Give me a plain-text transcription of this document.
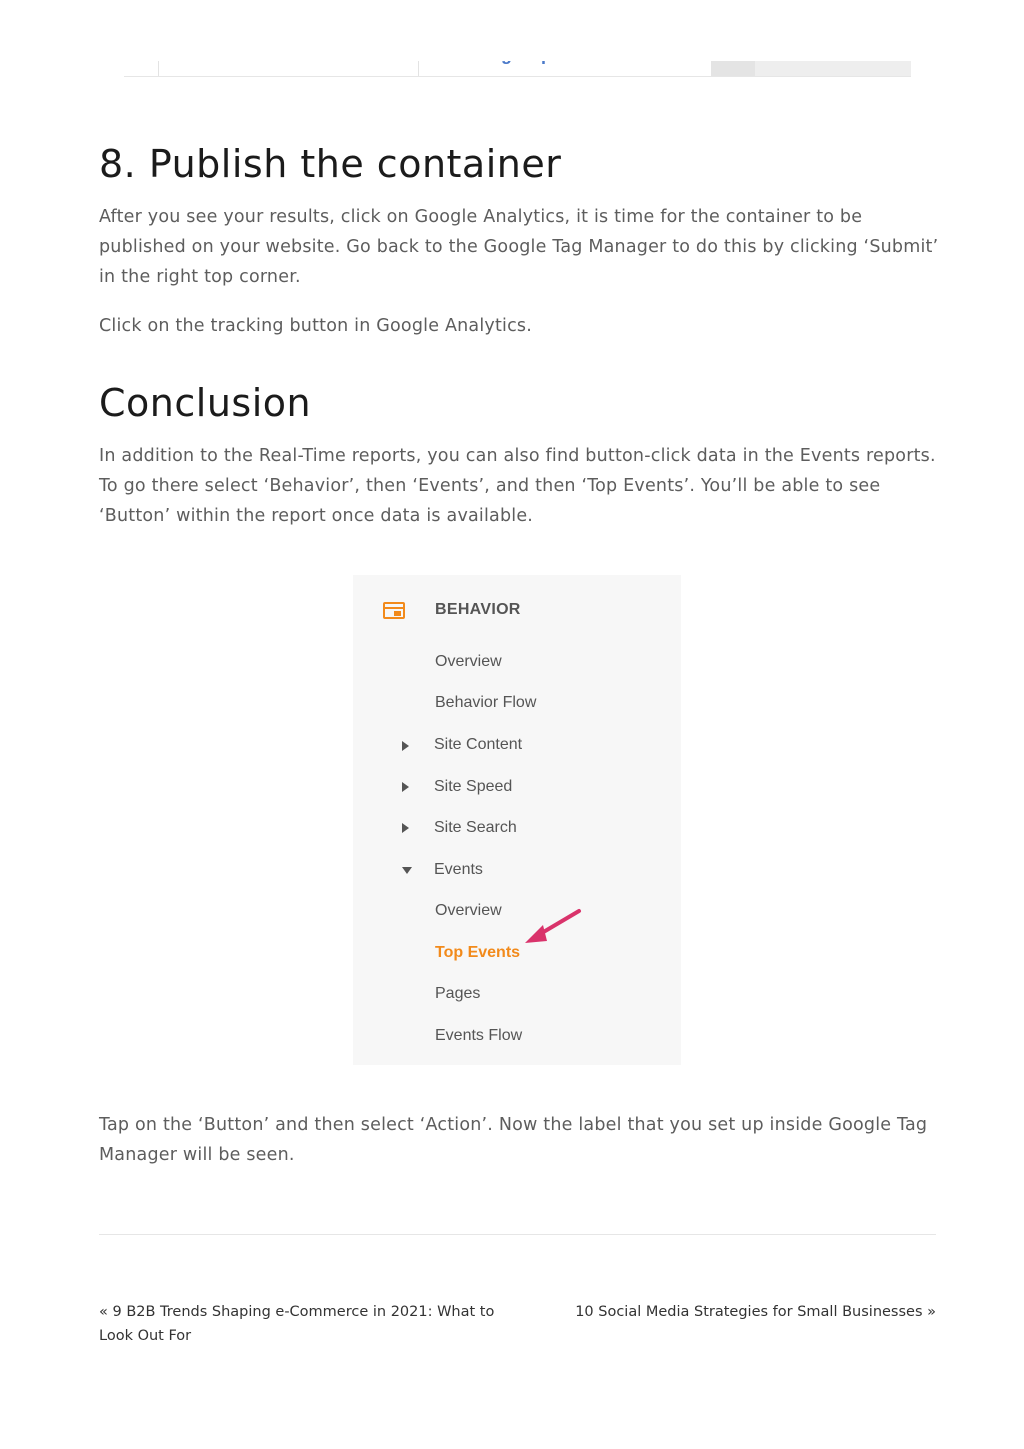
8. Publish the container

After you see your results, click on Google Analytics, it is time for the container to be published on your website. Go back to the Google Tag Manager to do this by clicking ‘Submit’ in the right top corner.

Click on the tracking button in Google Analytics.

Conclusion

In addition to the Real-Time reports, you can also find button-click data in the Events reports. To go there select ‘Behavior’, then ‘Events’, and then ‘Top Events’. You’ll be able to see ‘Button’ within the report once data is available.

BEHAVIOR
Overview
Behavior Flow
Site Content
Site Speed
Site Search
Events
Overview
Top Events
Pages
Events Flow

Tap on the ‘Button’ and then select ‘Action’. Now the label that you set up inside Google Tag Manager will be seen.

« 9 B2B Trends Shaping e-Commerce in 2021: What to Look Out For
10 Social Media Strategies for Small Businesses »
